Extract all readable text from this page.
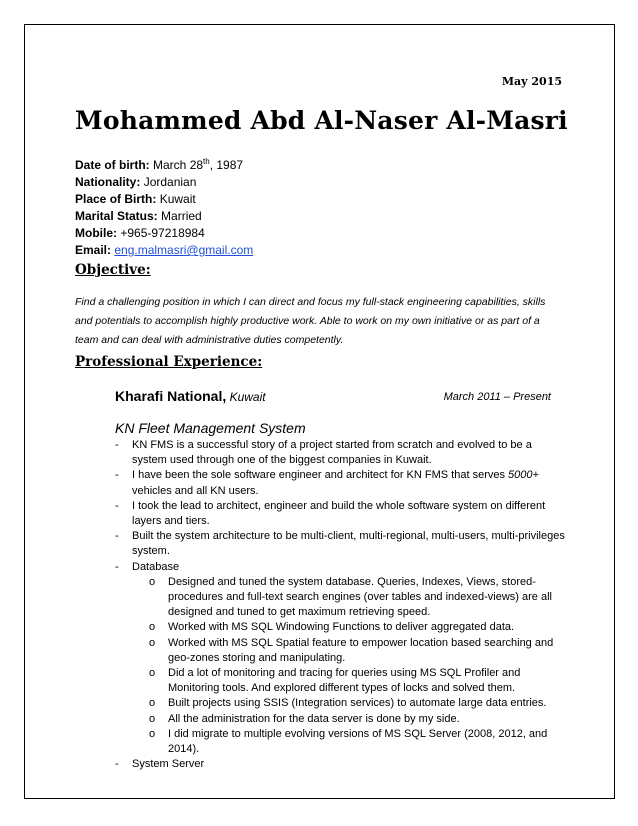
May 2015
Mohammed Abd Al-Naser Al-Masri
Date of birth: March 28th, 1987
Nationality: Jordanian
Place of Birth: Kuwait
Marital Status: Married
Mobile: +965-97218984
Email: eng.malmasri@gmail.com
Objective:
Find a challenging position in which I can direct and focus my full-stack engineering capabilities, skills and potentials to accomplish highly productive work. Able to work on my own initiative or as part of a team and can deal with administrative duties competently.
Professional Experience:
Kharafi National, Kuwait	March 2011 – Present
KN Fleet Management System
- KN FMS is a successful story of a project started from scratch and evolved to be a system used through one of the biggest companies in Kuwait.
- I have been the sole software engineer and architect for KN FMS that serves 5000+ vehicles and all KN users.
- I took the lead to architect, engineer and build the whole software system on different layers and tiers.
- Built the system architecture to be multi-client, multi-regional, multi-users, multi-privileges system.
- Database
o Designed and tuned the system database. Queries, Indexes, Views, stored-procedures and full-text search engines (over tables and indexed-views) are all designed and tuned to get maximum retrieving speed.
o Worked with MS SQL Windowing Functions to deliver aggregated data.
o Worked with MS SQL Spatial feature to empower location based searching and geo-zones storing and manipulating.
o Did a lot of monitoring and tracing for queries using MS SQL Profiler and Monitoring tools. And explored different types of locks and solved them.
o Built projects using SSIS (Integration services) to automate large data entries.
o All the administration for the data server is done by my side.
o I did migrate to multiple evolving versions of MS SQL Server (2008, 2012, and 2014).
- System Server
